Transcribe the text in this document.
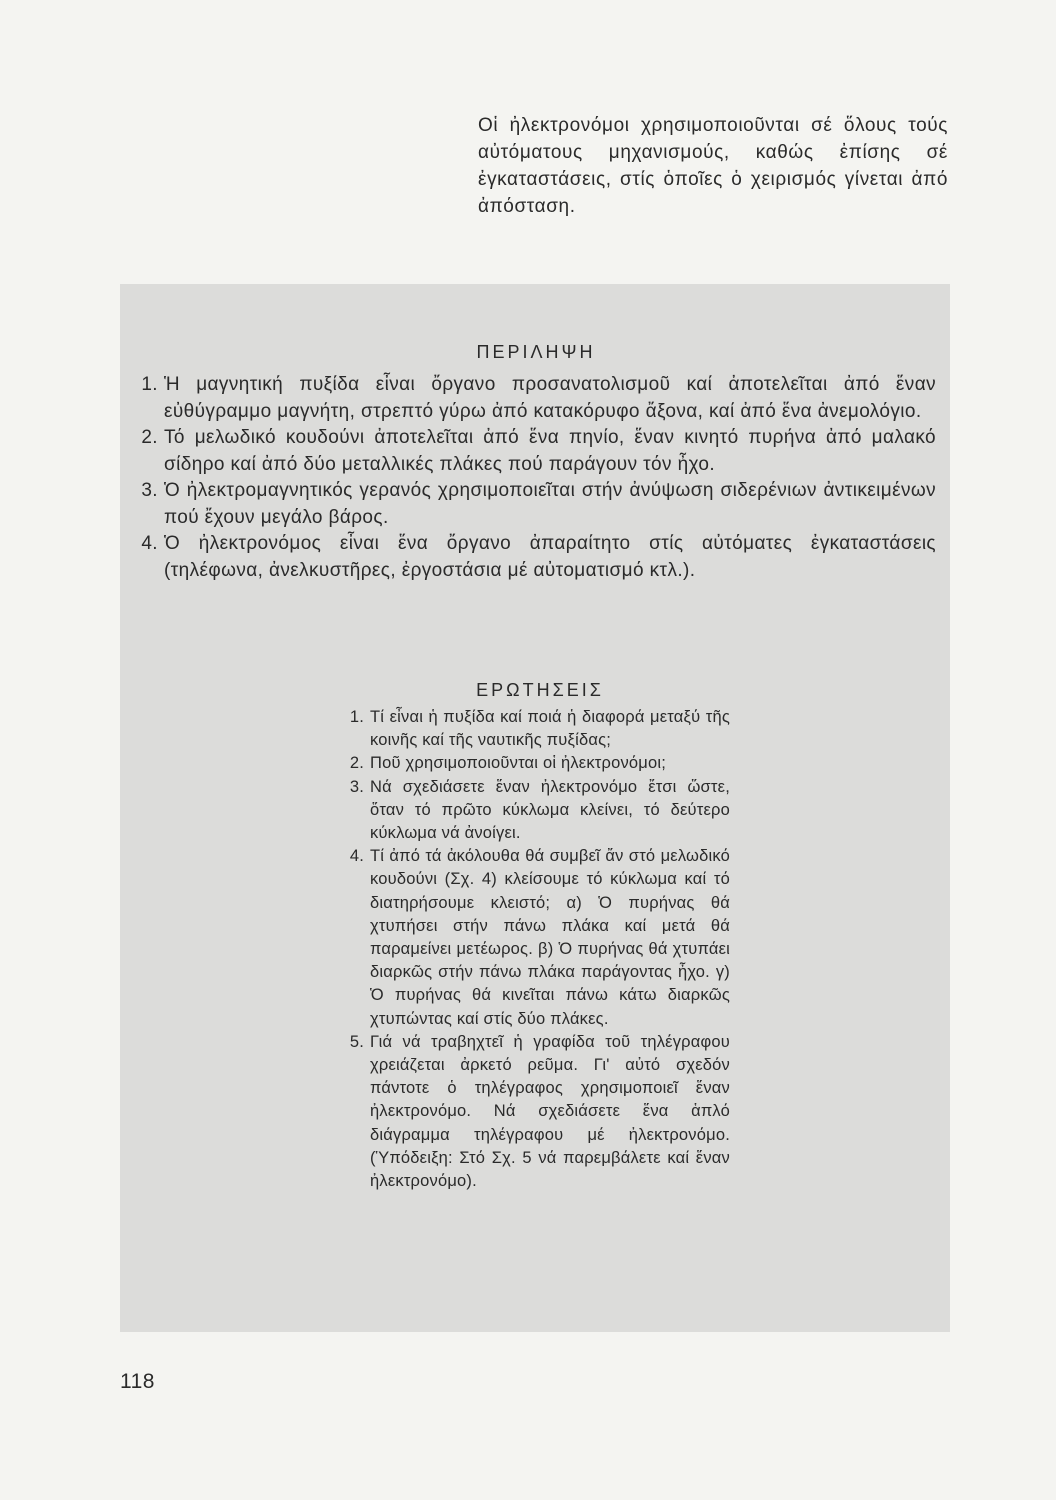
Οἱ ἠλεκτρονόμοι χρησιμοποιοῦνται σέ ὅλους τούς αὐτόματους μηχανισμούς, καθώς ἐπίσης σέ ἐγκαταστάσεις, στίς ὁποῖες ὁ χειρισμός γίνεται ἀπό ἀπόσταση.

ΠΕΡΙΛΗΨΗ
1. Ἡ μαγνητική πυξίδα εἶναι ὄργανο προσανατολισμοῦ καί ἀποτελεῖται ἀπό ἕναν εὐθύγραμμο μαγνήτη, στρεπτό γύρω ἀπό κατακόρυφο ἄξονα, καί ἀπό ἕνα ἀνεμολόγιο.
2. Τό μελωδικό κουδούνι ἀποτελεῖται ἀπό ἕνα πηνίο, ἕναν κινητό πυρήνα ἀπό μαλακό σίδηρο καί ἀπό δύο μεταλλικές πλάκες πού παράγουν τόν ἦχο.
3. Ὁ ἠλεκτρομαγνητικός γερανός χρησιμοποιεῖται στήν ἀνύψωση σιδερένιων ἀντικειμένων πού ἔχουν μεγάλο βάρος.
4. Ὁ ἠλεκτρονόμος εἶναι ἕνα ὄργανο ἀπαραίτητο στίς αὐτόματες ἐγκαταστάσεις (τηλέφωνα, ἀνελκυστῆρες, ἐργοστάσια μέ αὐτοματισμό κτλ.).
ΕΡΩΤΗΣΕΙΣ
1. Τί εἶναι ἡ πυξίδα καί ποιά ἡ διαφορά μεταξύ τῆς κοινῆς καί τῆς ναυτικῆς πυξίδας;
2. Ποῦ χρησιμοποιοῦνται οἱ ἠλεκτρονόμοι;
3. Νά σχεδιάσετε ἕναν ἠλεκτρονόμο ἔτσι ὥστε, ὅταν τό πρῶτο κύκλωμα κλείνει, τό δεύτερο κύκλωμα νά ἀνοίγει.
4. Τί ἀπό τά ἀκόλουθα θά συμβεῖ ἄν στό μελωδικό κουδούνι (Σχ. 4) κλείσουμε τό κύκλωμα καί τό διατηρήσουμε κλειστό; α) Ὁ πυρήνας θά χτυπήσει στήν πάνω πλάκα καί μετά θά παραμείνει μετέωρος. β) Ὁ πυρήνας θά χτυπάει διαρκῶς στήν πάνω πλάκα παράγοντας ἦχο. γ) Ὁ πυρήνας θά κινεῖται πάνω κάτω διαρκῶς χτυπώντας καί στίς δύο πλάκες.
5. Γιά νά τραβηχτεῖ ἡ γραφίδα τοῦ τηλέγραφου χρειάζεται ἀρκετό ρεῦμα. Γι' αὐτό σχεδόν πάντοτε ὁ τηλέγραφος χρησιμοποιεῖ ἕναν ἠλεκτρονόμο. Νά σχεδιάσετε ἕνα ἁπλό διάγραμμα τηλέγραφου μέ ἠλεκτρονόμο. (Ὑπόδειξη: Στό Σχ. 5 νά παρεμβάλετε καί ἕναν ἠλεκτρονόμο).
118
